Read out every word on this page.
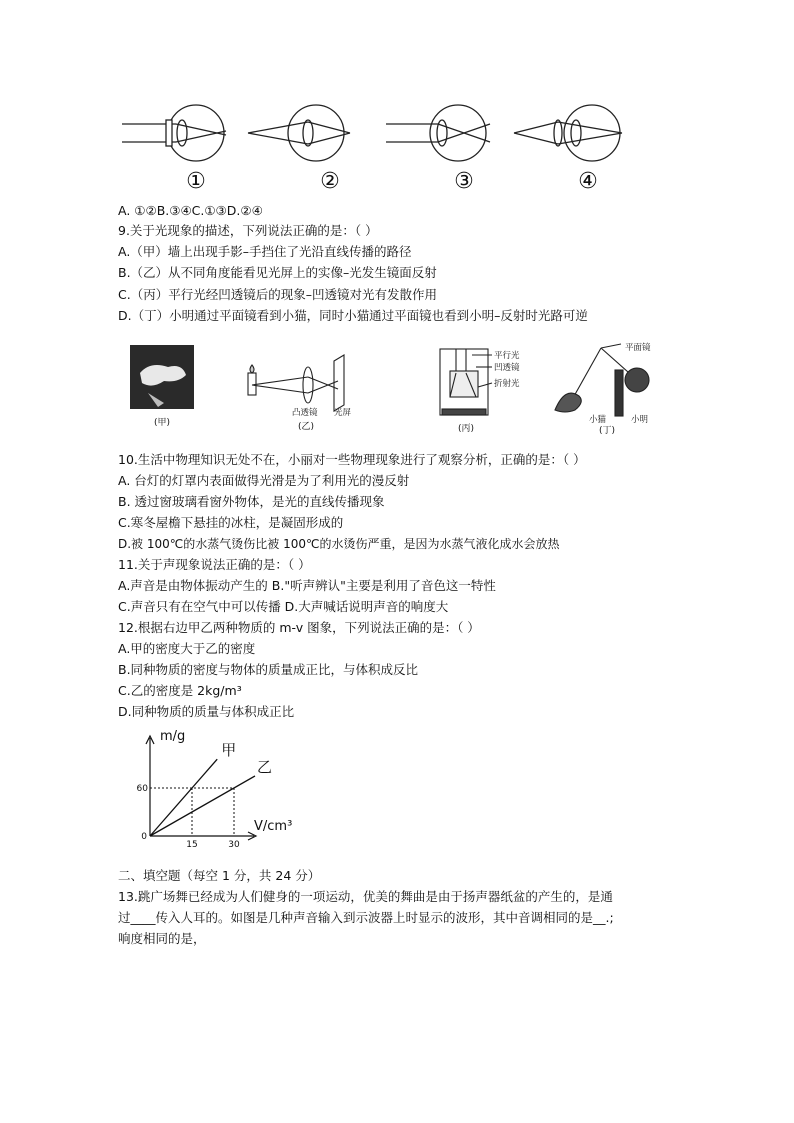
①	②	③	④
A. ①②B.③④C.①③D.②④
9.关于光现象的描述，下列说法正确的是：（ ）
A.（甲）墙上出现手影–手挡住了光沿直线传播的路径
B.（乙）从不同角度能看见光屏上的实像–光发生镜面反射
C.（丙）平行光经凹透镜后的现象–凹透镜对光有发散作用
D.（丁）小明通过平面镜看到小猫，同时小猫通过平面镜也看到小明–反射时光路可逆
(甲)
凸透镜 光屏
(乙)
平行光
凹透镜
折射光
(丙)
平面镜
小猫	小明
(丁)
10.生活中物理知识无处不在，小丽对一些物理现象进行了观察分析，正确的是：（ ）
A. 台灯的灯罩内表面做得光滑是为了利用光的漫反射
B. 透过窗玻璃看窗外物体，是光的直线传播现象
C.寒冬屋檐下悬挂的冰柱，是凝固形成的
D.被 100℃的水蒸气烫伤比被 100℃的水烫伤严重，是因为水蒸气液化成水会放热
11.关于声现象说法正确的是：（ ）
A.声音是由物体振动产生的 B."听声辨认"主要是利用了音色这一特性
C.声音只有在空气中可以传播 D.大声喊话说明声音的响度大
12.根据右边甲乙两种物质的 m-v 图象，下列说法正确的是：（ ）
A.甲的密度大于乙的密度
B.同种物质的密度与物体的质量成正比，与体积成反比
C.乙的密度是 2kg/m³
D.同种物质的质量与体积成正比
甲
乙
15	30
60
0
m/g
V/cm³
二、填空题（每空 1 分，共 24 分）
13.跳广场舞已经成为人们健身的一项运动，优美的舞曲是由于扬声器纸盆的产生的，是通
过____传入人耳的。如图是几种声音输入到示波器上时显示的波形，其中音调相同的是__.;
响度相同的是，
